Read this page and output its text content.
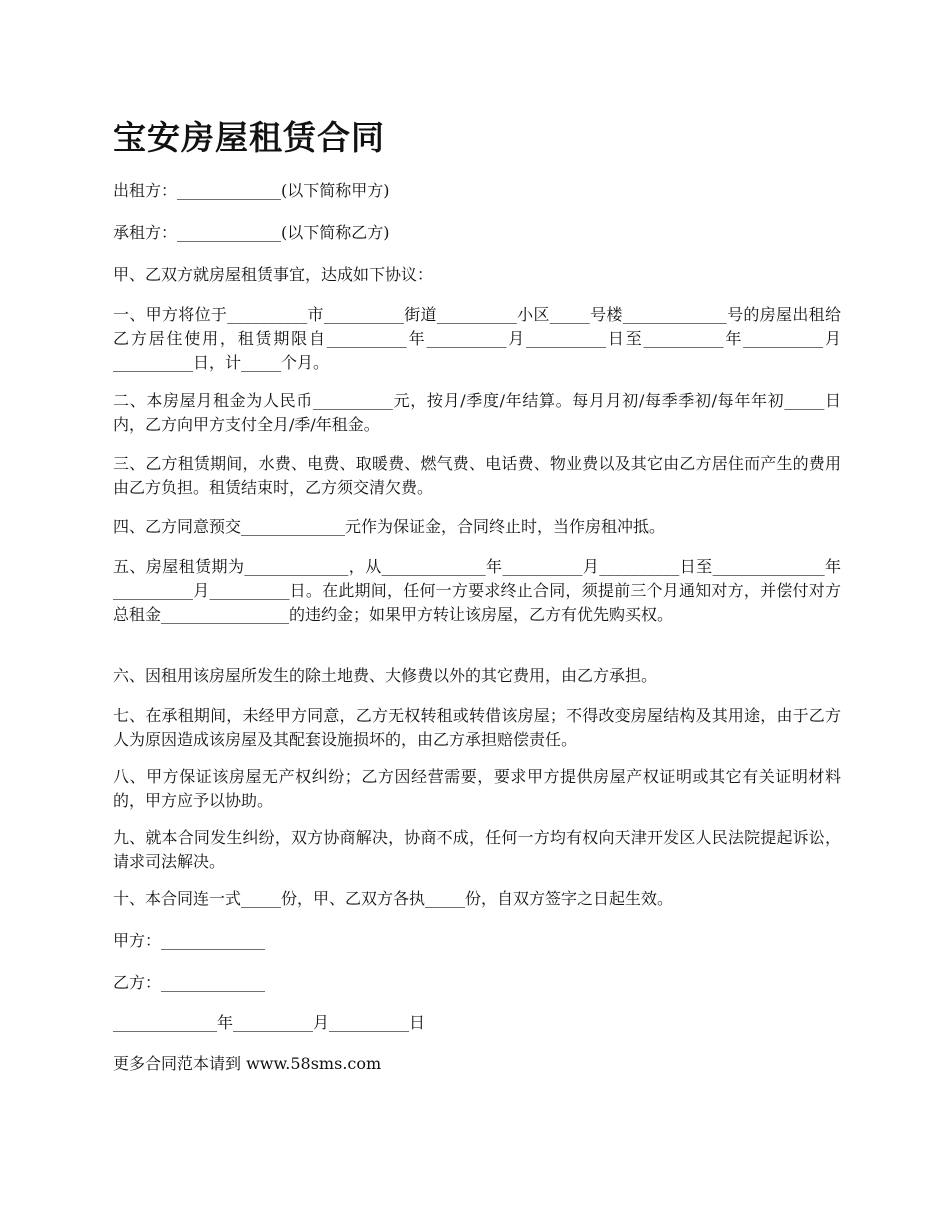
宝安房屋租赁合同

出租方：_____________(以下简称甲方)

承租方：_____________(以下简称乙方)

甲、乙双方就房屋租赁事宜，达成如下协议：

一、甲方将位于__________市__________街道__________小区_____号楼_____________号的房屋出租给乙方居住使用，租赁期限自__________年__________月__________日至__________年__________月__________日，计_____个月。

二、本房屋月租金为人民币__________元，按月/季度/年结算。每月月初/每季季初/每年年初_____日内，乙方向甲方支付全月/季/年租金。

三、乙方租赁期间，水费、电费、取暖费、燃气费、电话费、物业费以及其它由乙方居住而产生的费用由乙方负担。租赁结束时，乙方须交清欠费。

四、乙方同意预交_____________元作为保证金，合同终止时，当作房租冲抵。

五、房屋租赁期为_____________，从_____________年__________月__________日至______________年__________月__________日。在此期间，任何一方要求终止合同，须提前三个月通知对方，并偿付对方总租金________________的违约金；如果甲方转让该房屋，乙方有优先购买权。

六、因租用该房屋所发生的除土地费、大修费以外的其它费用，由乙方承担。

七、在承租期间，未经甲方同意，乙方无权转租或转借该房屋；不得改变房屋结构及其用途，由于乙方人为原因造成该房屋及其配套设施损坏的，由乙方承担赔偿责任。

八、甲方保证该房屋无产权纠纷；乙方因经营需要，要求甲方提供房屋产权证明或其它有关证明材料的，甲方应予以协助。

九、就本合同发生纠纷，双方协商解决，协商不成，任何一方均有权向天津开发区人民法院提起诉讼，请求司法解决。

十、本合同连一式_____份，甲、乙双方各执_____份，自双方签字之日起生效。

甲方：_____________

乙方：_____________

_____________年__________月__________日

更多合同范本请到 www.58sms.com
